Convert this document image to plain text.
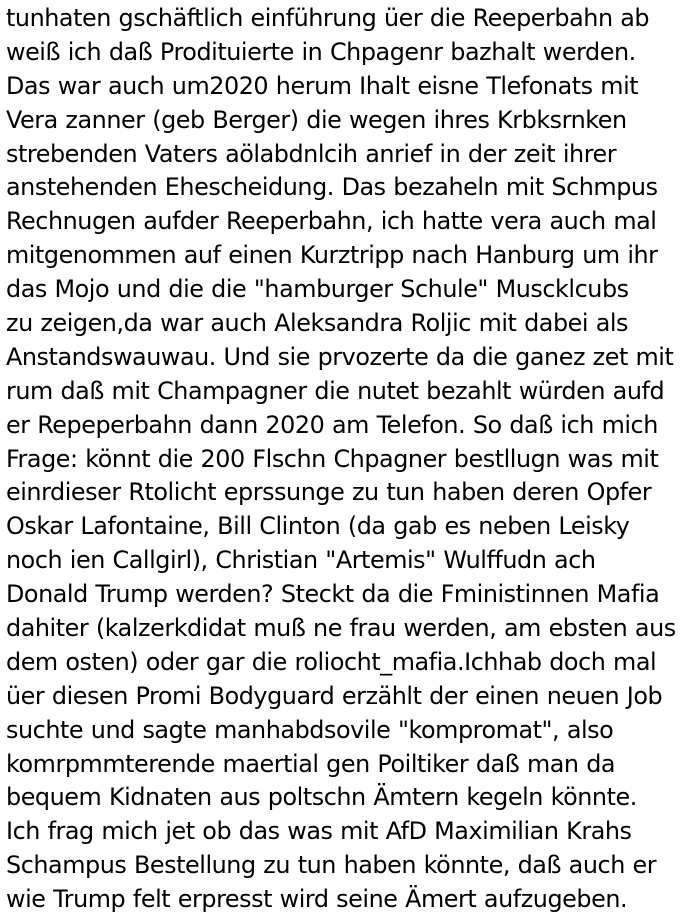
tunhaten gschäftlich einführung üer die Reeperbahn ab
weiß ich daß Prodituierte in Chpagenr bazhalt werden.
Das war auch um2020 herum Ihalt eisne Tlefonats mit
Vera zanner (geb Berger) die wegen ihres Krbksrnken
strebenden Vaters aölabdnlcih anrief in der zeit ihrer
anstehenden Ehescheidung. Das bezaheln mit Schmpus
Rechnugen aufder Reeperbahn, ich hatte vera auch mal
mitgenommen auf einen Kurztripp nach Hanburg um ihr
das Mojo und die die "hamburger Schule" Muscklcubs
zu zeigen,da war auch Aleksandra Roljic mit dabei als
Anstandswauwau. Und sie prvozerte da die ganez zet mit
rum daß mit Champagner die nutet bezahlt würden aufd
er Repeperbahn dann 2020 am Telefon. So daß ich mich
Frage: könnt die 200 Flschn Chpagner bestllugn was mit
einrdieser Rtolicht eprssunge zu tun haben deren Opfer
Oskar Lafontaine, Bill Clinton (da gab es neben Leisky
noch ien Callgirl), Christian "Artemis" Wulffudn ach
Donald Trump werden? Steckt da die Fministinnen Mafia
dahiter (kalzerkdidat muß ne frau werden, am ebsten aus
dem osten) oder gar die roliocht_mafia.Ichhab doch mal
üer diesen Promi Bodyguard erzählt der einen neuen Job
suchte und sagte manhabdsovile "kompromat", also
komrpmmterende maertial gen Poiltiker daß man da
bequem Kidnaten aus poltschn Ämtern kegeln könnte.
Ich frag mich jet ob das was mit AfD Maximilian Krahs
Schampus Bestellung zu tun haben könnte, daß auch er
wie Trump felt erpresst wird seine Ämert aufzugeben.
